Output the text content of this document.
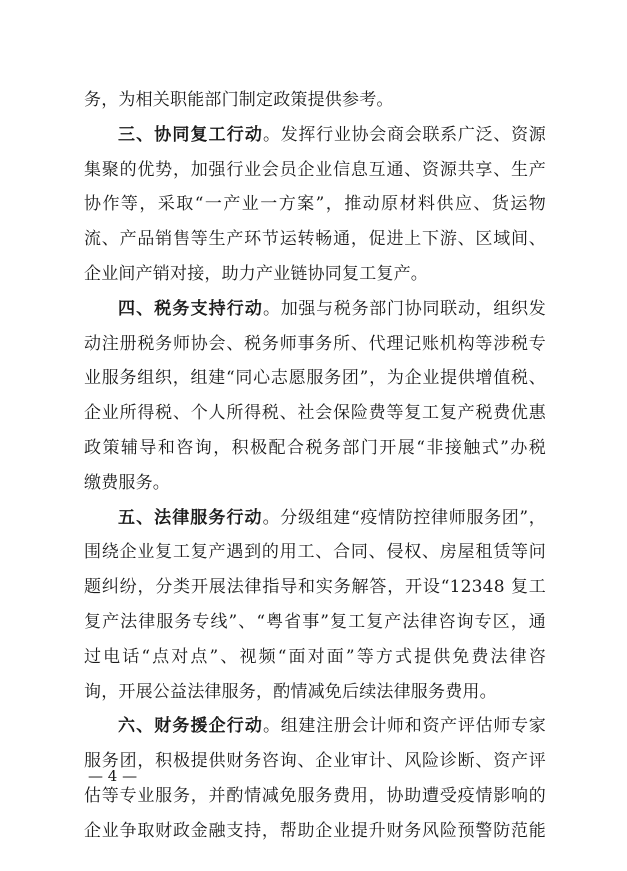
务，为相关职能部门制定政策提供参考。
三、协同复工行动。发挥行业协会商会联系广泛、资源
集聚的优势，加强行业会员企业信息互通、资源共享、生产
协作等，采取“一产业一方案”，推动原材料供应、货运物
流、产品销售等生产环节运转畅通，促进上下游、区域间、
企业间产销对接，助力产业链协同复工复产。
四、税务支持行动。加强与税务部门协同联动，组织发
动注册税务师协会、税务师事务所、代理记账机构等涉税专
业服务组织，组建“同心志愿服务团”，为企业提供增值税、
企业所得税、个人所得税、社会保险费等复工复产税费优惠
政策辅导和咨询，积极配合税务部门开展“非接触式”办税
缴费服务。
五、法律服务行动。分级组建“疫情防控律师服务团”，
围绕企业复工复产遇到的用工、合同、侵权、房屋租赁等问
题纠纷，分类开展法律指导和实务解答，开设“12348 复工
复产法律服务专线”、“粤省事”复工复产法律咨询专区，通
过电话“点对点”、视频“面对面”等方式提供免费法律咨
询，开展公益法律服务，酌情减免后续法律服务费用。
六、财务援企行动。组建注册会计师和资产评估师专家
服务团，积极提供财务咨询、企业审计、风险诊断、资产评
估等专业服务，并酌情减免服务费用，协助遭受疫情影响的
企业争取财政金融支持，帮助企业提升财务风险预警防范能
— 4 —
